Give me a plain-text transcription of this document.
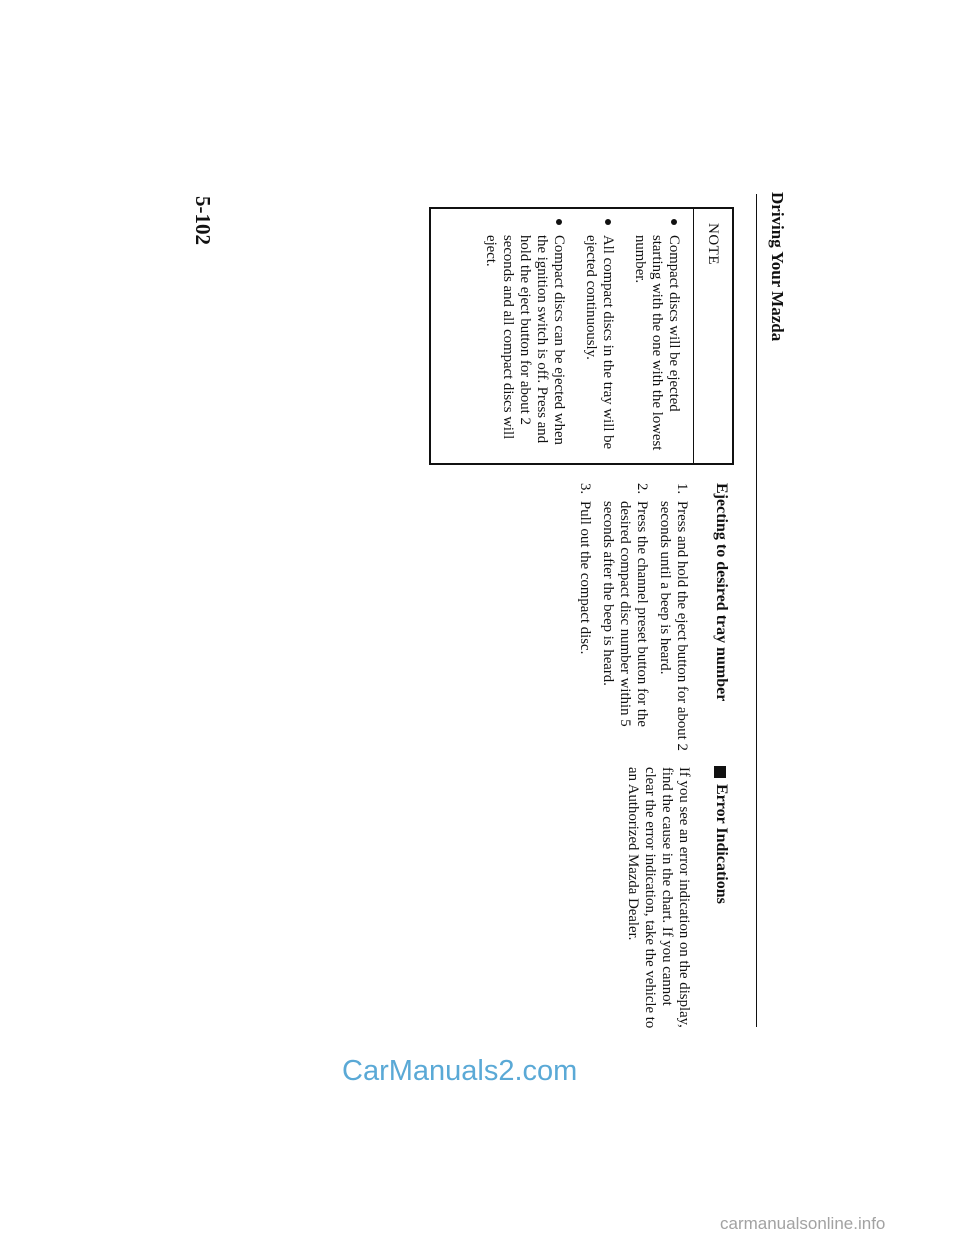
Driving Your Mazda
NOTE
Compact discs will be ejected starting with the one with the lowest number.
All compact discs in the tray will be ejected continuously.
Compact discs can be ejected when the ignition switch is off. Press and hold the eject button for about 2 seconds and all compact discs will eject.
Ejecting to desired tray number
1.
Press and hold the eject button for about 2 seconds until a beep is heard.
2.
Press the channel preset button for the desired compact disc number within 5 seconds after the beep is heard.
3.
Pull out the compact disc.
Error Indications
If you see an error indication on the display, find the cause in the chart. If you cannot clear the error indication, take the vehicle to an Authorized Mazda Dealer.
5-102
CarManuals2.com
carmanualsonline.info
